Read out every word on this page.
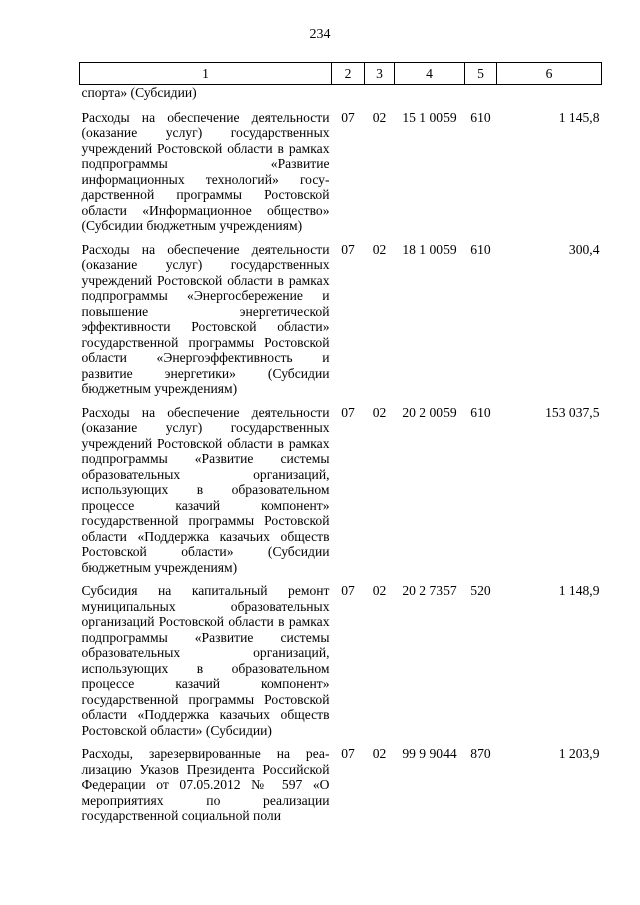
234
1	2	3	4	5	6
спорта» (Субсидии)					
Расходы на обеспечение деятельности (оказание услуг) государственных учреждений Ростовской области в рамках подпрограммы «Развитие информационных технологий» государственной программы Ростовской области «Информационное общество» (Субсидии бюджетным учреждениям)	07	02	15 1 0059	610	1 145,8
Расходы на обеспечение деятельности (оказание услуг) государственных учреждений Ростовской области в рамках подпрограммы «Энергосбережение и повышение энергетической эффективности Ростовской области» государственной программы Ростовской области «Энергоэффективность и развитие энергетики» (Субсидии бюджетным учреждениям)	07	02	18 1 0059	610	300,4
Расходы на обеспечение деятельности (оказание услуг) государственных учреждений Ростовской области в рамках подпрограммы «Развитие системы образовательных организаций, использующих в образовательном процессе казачий компонент» государственной программы Ростовской области «Поддержка казачьих обществ Ростовской области» (Субсидии бюджетным учреждениям)	07	02	20 2 0059	610	153 037,5
Субсидия на капитальный ремонт муниципальных образовательных организаций Ростовской области в рамках подпрограммы «Развитие системы образовательных организаций, использующих в образовательном процессе казачий компонент» государственной программы Ростовской области «Поддержка казачьих обществ Ростовской области» (Субсидии)	07	02	20 2 7357	520	1 148,9
Расходы, зарезервированные на реализацию Указов Президента Российской Федерации от 07.05.2012 № 597 «О мероприятиях по реализации государственной социальной поли	07	02	99 9 9044	870	1 203,9
